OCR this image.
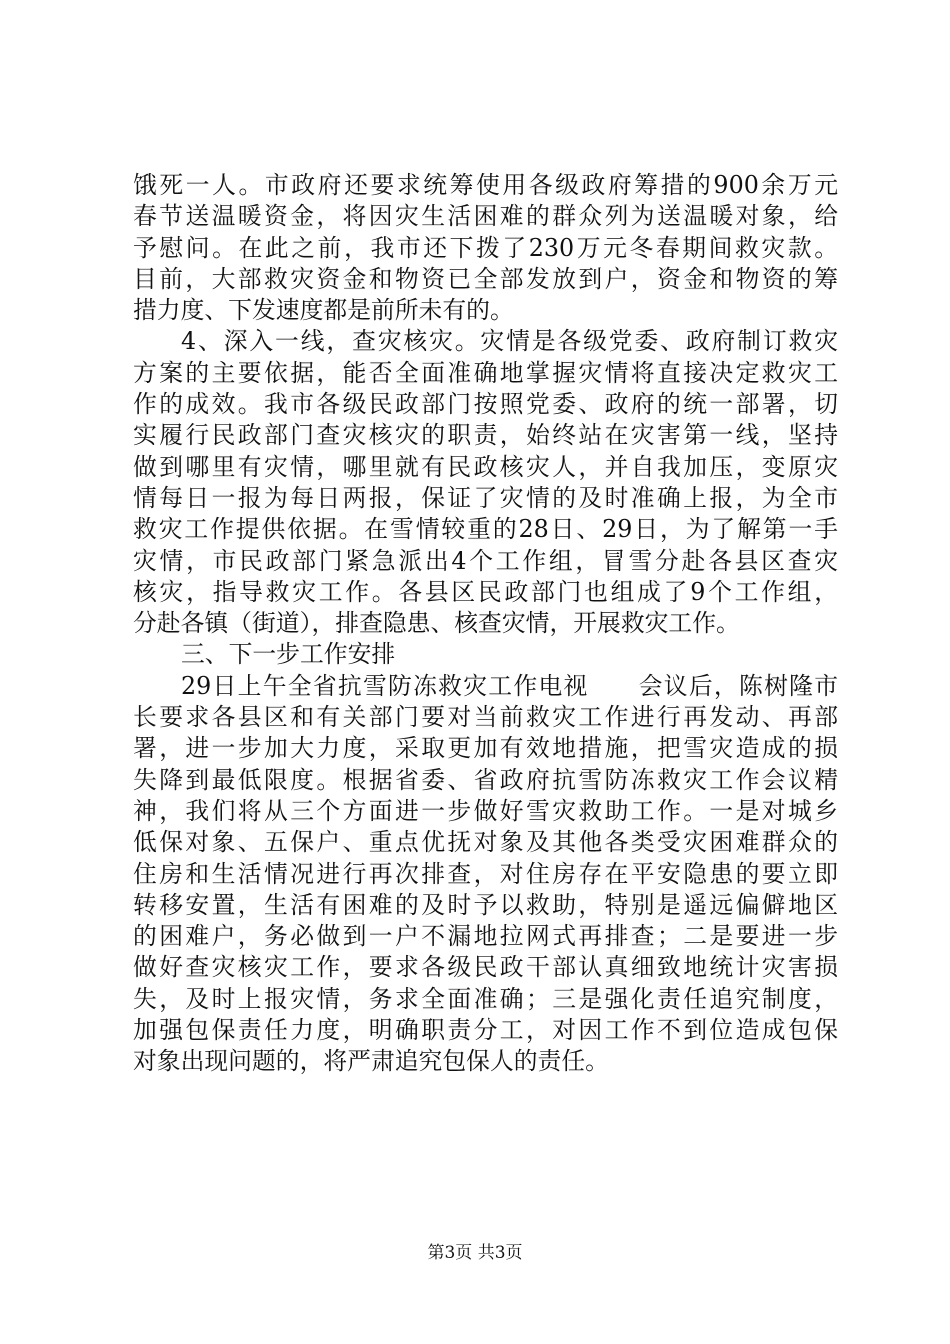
饿死一人。市政府还要求统筹使用各级政府筹措的900余万元
春节送温暖资金，将因灾生活困难的群众列为送温暖对象，给
予慰问。在此之前，我市还下拨了230万元冬春期间救灾款。
目前，大部救灾资金和物资已全部发放到户，资金和物资的筹
措力度、下发速度都是前所未有的。
4、深入一线，查灾核灾。灾情是各级党委、政府制订救灾
方案的主要依据，能否全面准确地掌握灾情将直接决定救灾工
作的成效。我市各级民政部门按照党委、政府的统一部署，切
实履行民政部门查灾核灾的职责，始终站在灾害第一线，坚持
做到哪里有灾情，哪里就有民政核灾人，并自我加压，变原灾
情每日一报为每日两报，保证了灾情的及时准确上报，为全市
救灾工作提供依据。在雪情较重的28日、29日，为了解第一手
灾情，市民政部门紧急派出4个工作组，冒雪分赴各县区查灾
核灾，指导救灾工作。各县区民政部门也组成了9个工作组，
分赴各镇（街道），排查隐患、核查灾情，开展救灾工作。
三、下一步工作安排
29日上午全省抗雪防冻救灾工作电视　　会议后，陈树隆市
长要求各县区和有关部门要对当前救灾工作进行再发动、再部
署，进一步加大力度，采取更加有效地措施，把雪灾造成的损
失降到最低限度。根据省委、省政府抗雪防冻救灾工作会议精
神，我们将从三个方面进一步做好雪灾救助工作。一是对城乡
低保对象、五保户、重点优抚对象及其他各类受灾困难群众的
住房和生活情况进行再次排查，对住房存在平安隐患的要立即
转移安置，生活有困难的及时予以救助，特别是遥远偏僻地区
的困难户，务必做到一户不漏地拉网式再排查；二是要进一步
做好查灾核灾工作，要求各级民政干部认真细致地统计灾害损
失，及时上报灾情，务求全面准确；三是强化责任追究制度，
加强包保责任力度，明确职责分工，对因工作不到位造成包保
对象出现问题的，将严肃追究包保人的责任。
第3页 共3页
